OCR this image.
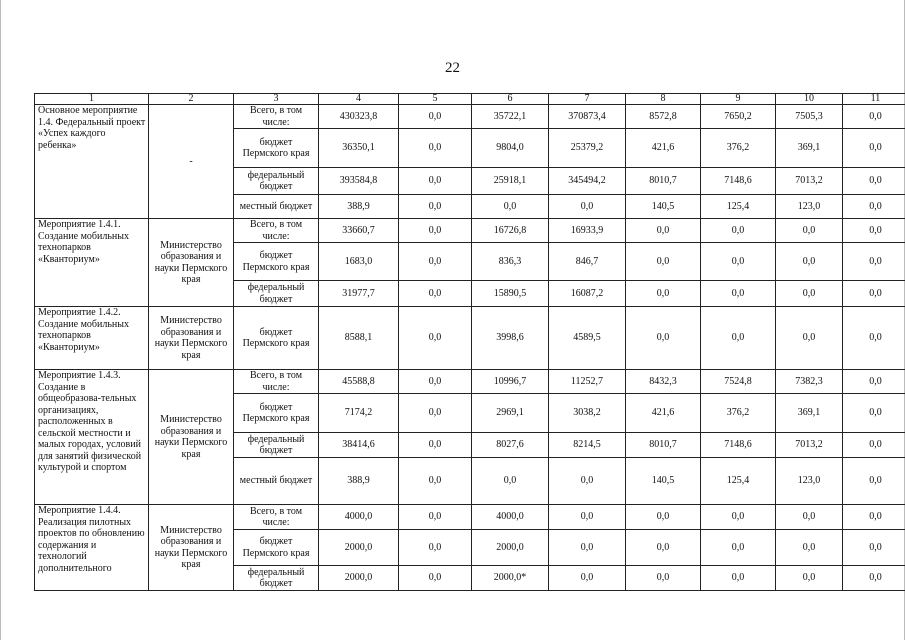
22
1	2	3	4	5	6	7	8	9	10	11
Основное мероприятие 1.4. Федеральный проект «Успех каждого ребенка»	-	Всего, в том числе:	430323,8	0,0	35722,1	370873,4	8572,8	7650,2	7505,3	0,0
		бюджет Пермского края	36350,1	0,0	9804,0	25379,2	421,6	376,2	369,1	0,0
		федеральный бюджет	393584,8	0,0	25918,1	345494,2	8010,7	7148,6	7013,2	0,0
		местный бюджет	388,9	0,0	0,0	0,0	140,5	125,4	123,0	0,0
Мероприятие 1.4.1. Создание мобильных технопарков «Кванториум»	Министерство образования и науки Пермского края	Всего, в том числе:	33660,7	0,0	16726,8	16933,9	0,0	0,0	0,0	0,0
		бюджет Пермского края	1683,0	0,0	836,3	846,7	0,0	0,0	0,0	0,0
		федеральный бюджет	31977,7	0,0	15890,5	16087,2	0,0	0,0	0,0	0,0
Мероприятие 1.4.2. Создание мобильных технопарков «Кванториум»	Министерство образования и науки Пермского края	бюджет Пермского края	8588,1	0,0	3998,6	4589,5	0,0	0,0	0,0	0,0
Мероприятие 1.4.3. Создание в общеобразова-тельных организациях, расположенных в сельской местности и малых городах, условий для занятий физической культурой и спортом	Министерство образования и науки Пермского края	Всего, в том числе:	45588,8	0,0	10996,7	11252,7	8432,3	7524,8	7382,3	0,0
		бюджет Пермского края	7174,2	0,0	2969,1	3038,2	421,6	376,2	369,1	0,0
		федеральный бюджет	38414,6	0,0	8027,6	8214,5	8010,7	7148,6	7013,2	0,0
		местный бюджет	388,9	0,0	0,0	0,0	140,5	125,4	123,0	0,0
Мероприятие 1.4.4. Реализация пилотных проектов по обновлению содержания и технологий дополнительного	Министерство образования и науки Пермского края	Всего, в том числе:	4000,0	0,0	4000,0	0,0	0,0	0,0	0,0	0,0
		бюджет Пермского края	2000,0	0,0	2000,0	0,0	0,0	0,0	0,0	0,0
		федеральный бюджет	2000,0	0,0	2000,0*	0,0	0,0	0,0	0,0	0,0
